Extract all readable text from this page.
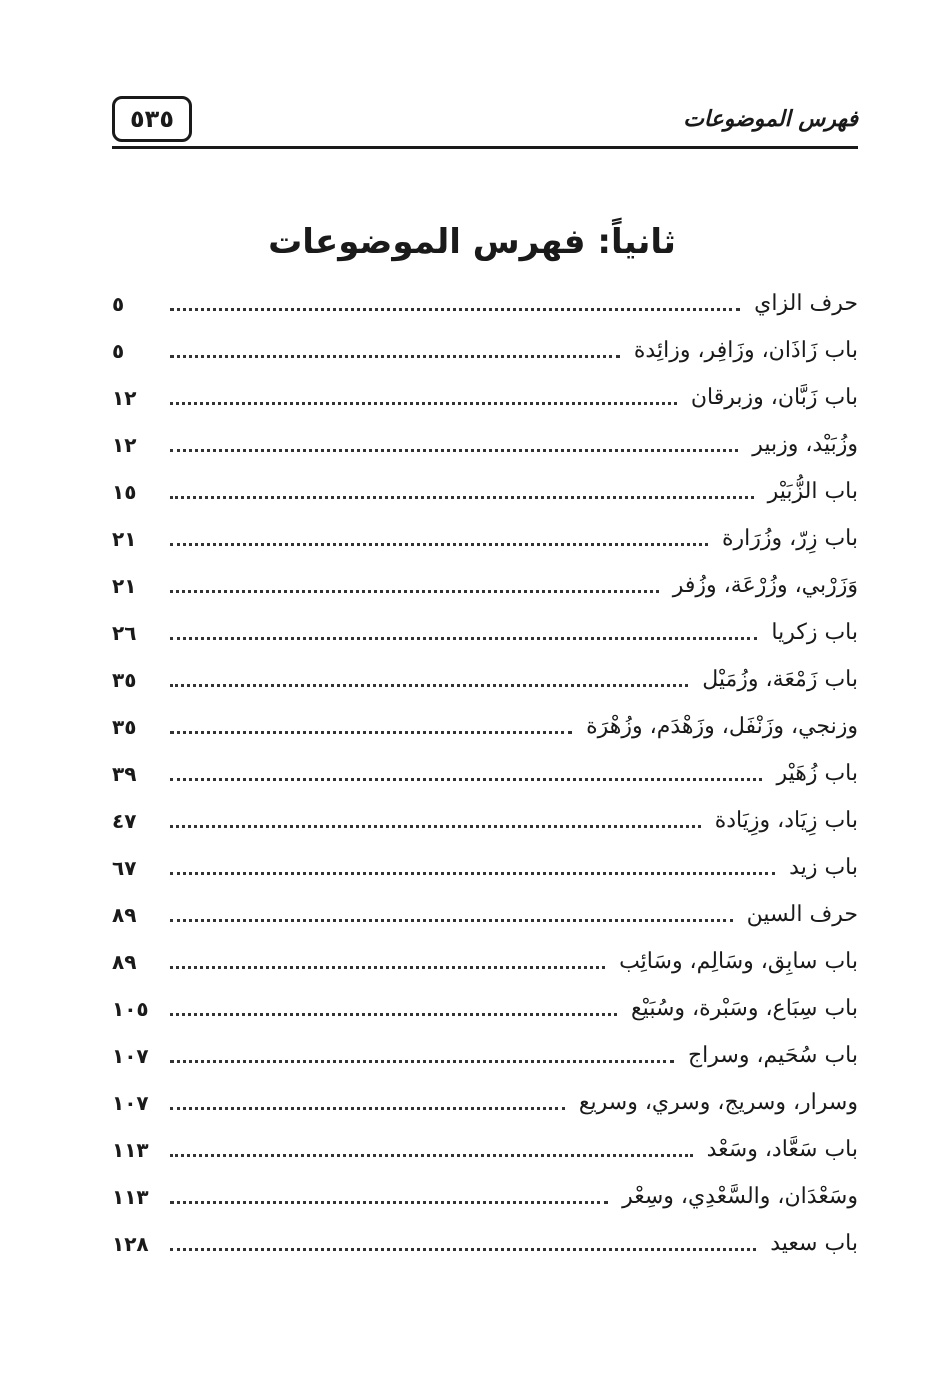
٥٣٥	فهرس الموضوعات
ثانياً: فهرس الموضوعات
حرف الزاي
٥
باب زَاذَان، وزَافِر، وزائِدة
٥
باب زَبَّان، وزبرقان
١٢
وزُبَيْد، وزبير
١٢
باب الزُّبَيْر
١٥
باب زِرّ، وزُرَارة
٢١
وَزَرْبي، وزُرْعَة، وزُفر
٢١
باب زكريا
٢٦
باب زَمْعَة، وزُمَيْل
٣٥
وزنجي، وزَنْفَل، وزَهْدَم، وزُهْرَة
٣٥
باب زُهَيْر
٣٩
باب زِيَاد، وزِيَادة
٤٧
باب زيد
٦٧
حرف السين
٨٩
باب سابِق، وسَالِم، وسَائِب
٨٩
باب سِبَاع، وسَبْرة، وسُبَيْع
١٠٥
باب سُحَيم، وسراج
١٠٧
وسرار، وسريج، وسري، وسريع
١٠٧
باب سَعَّاد، وسَعْد
١١٣
وسَعْدَان، والسَّعْدِي، وسِعْر
١١٣
باب سعيد
١٢٨
